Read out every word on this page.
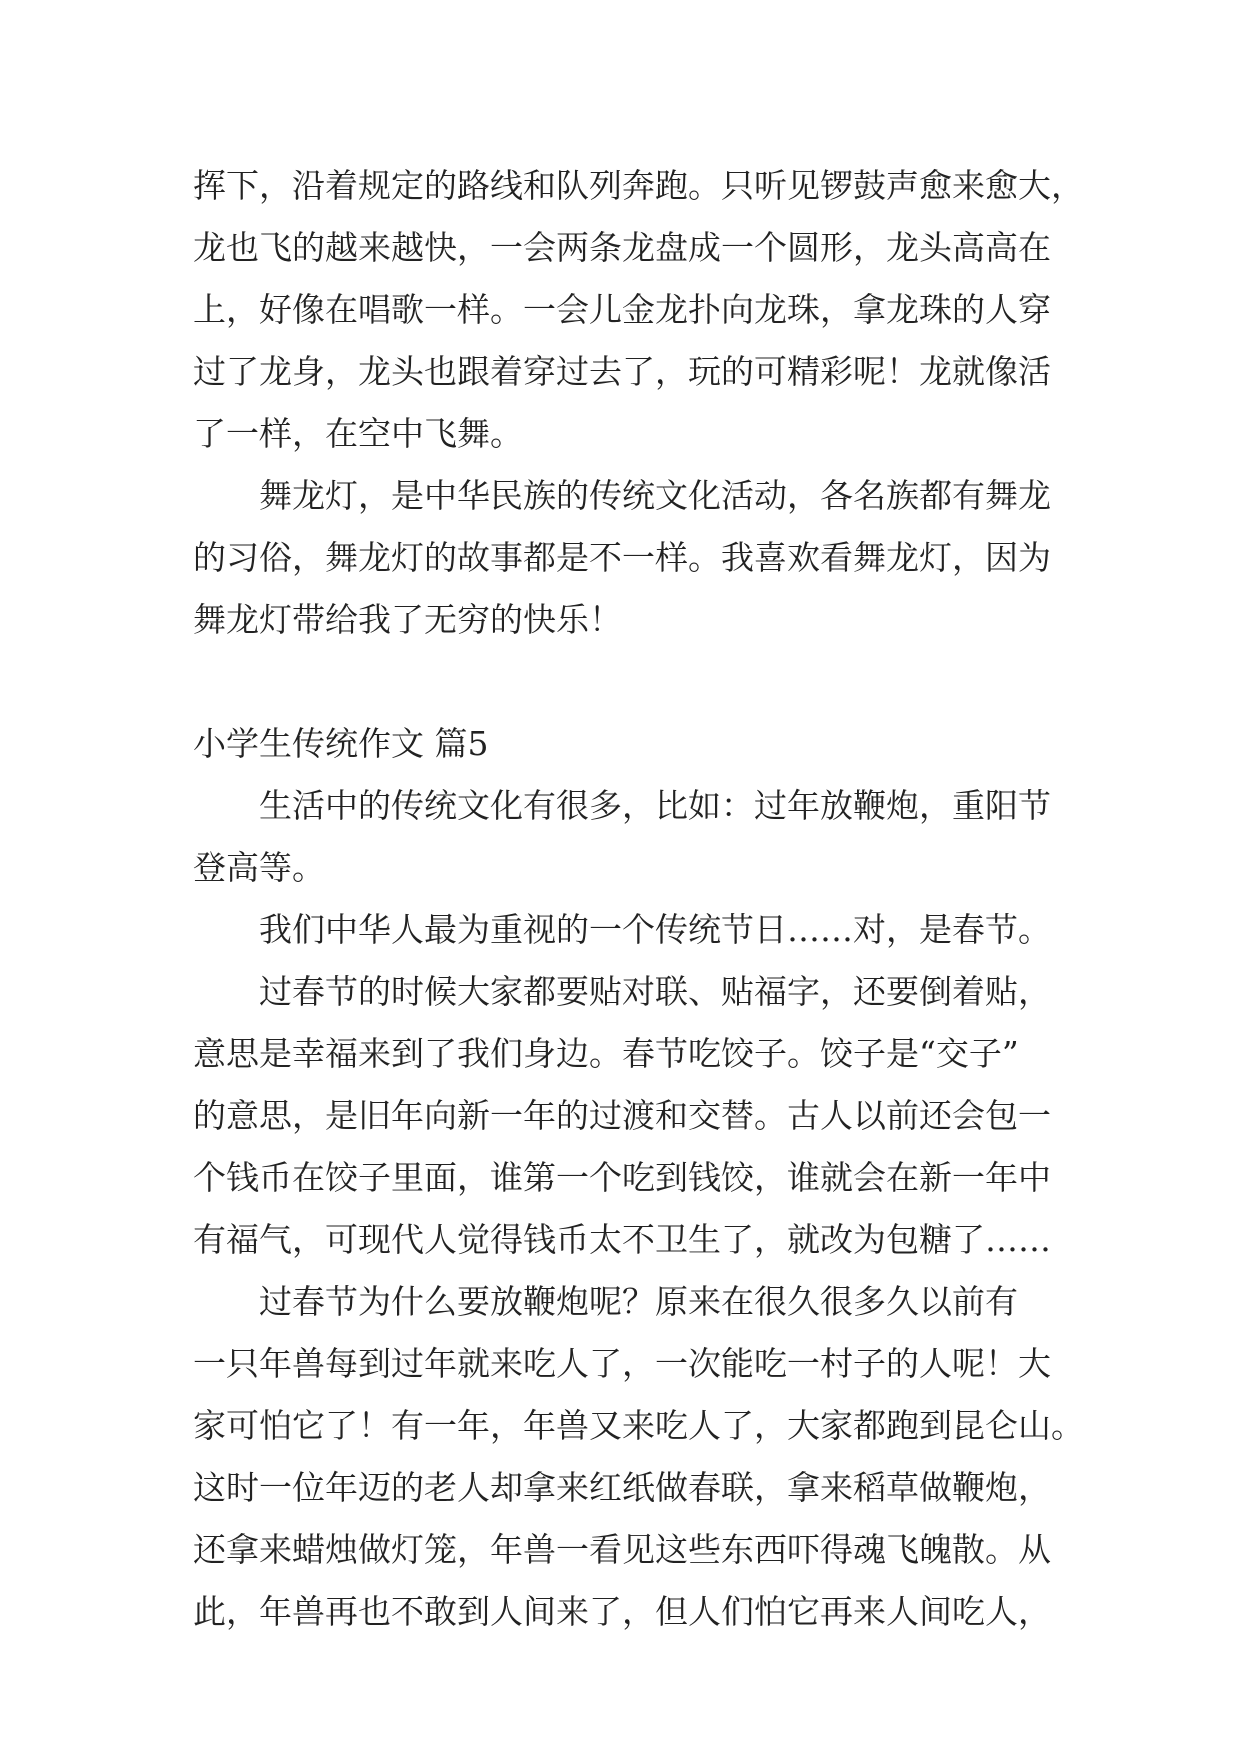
挥下，沿着规定的路线和队列奔跑。只听见锣鼓声愈来愈大，
龙也飞的越来越快，一会两条龙盘成一个圆形，龙头高高在
上，好像在唱歌一样。一会儿金龙扑向龙珠，拿龙珠的人穿
过了龙身，龙头也跟着穿过去了，玩的可精彩呢！龙就像活
了一样，在空中飞舞。
舞龙灯，是中华民族的传统文化活动，各名族都有舞龙
的习俗，舞龙灯的故事都是不一样。我喜欢看舞龙灯，因为
舞龙灯带给我了无穷的快乐！
小学生传统作文 篇5
生活中的传统文化有很多，比如：过年放鞭炮，重阳节
登高等。
我们中华人最为重视的一个传统节日……对，是春节。
过春节的时候大家都要贴对联、贴福字，还要倒着贴，
意思是幸福来到了我们身边。春节吃饺子。饺子是“交子”
的意思，是旧年向新一年的过渡和交替。古人以前还会包一
个钱币在饺子里面，谁第一个吃到钱饺，谁就会在新一年中
有福气，可现代人觉得钱币太不卫生了，就改为包糖了……
过春节为什么要放鞭炮呢？原来在很久很多久以前有
一只年兽每到过年就来吃人了，一次能吃一村子的人呢！大
家可怕它了！有一年，年兽又来吃人了，大家都跑到昆仑山。
这时一位年迈的老人却拿来红纸做春联，拿来稻草做鞭炮，
还拿来蜡烛做灯笼，年兽一看见这些东西吓得魂飞魄散。从
此，年兽再也不敢到人间来了，但人们怕它再来人间吃人，
